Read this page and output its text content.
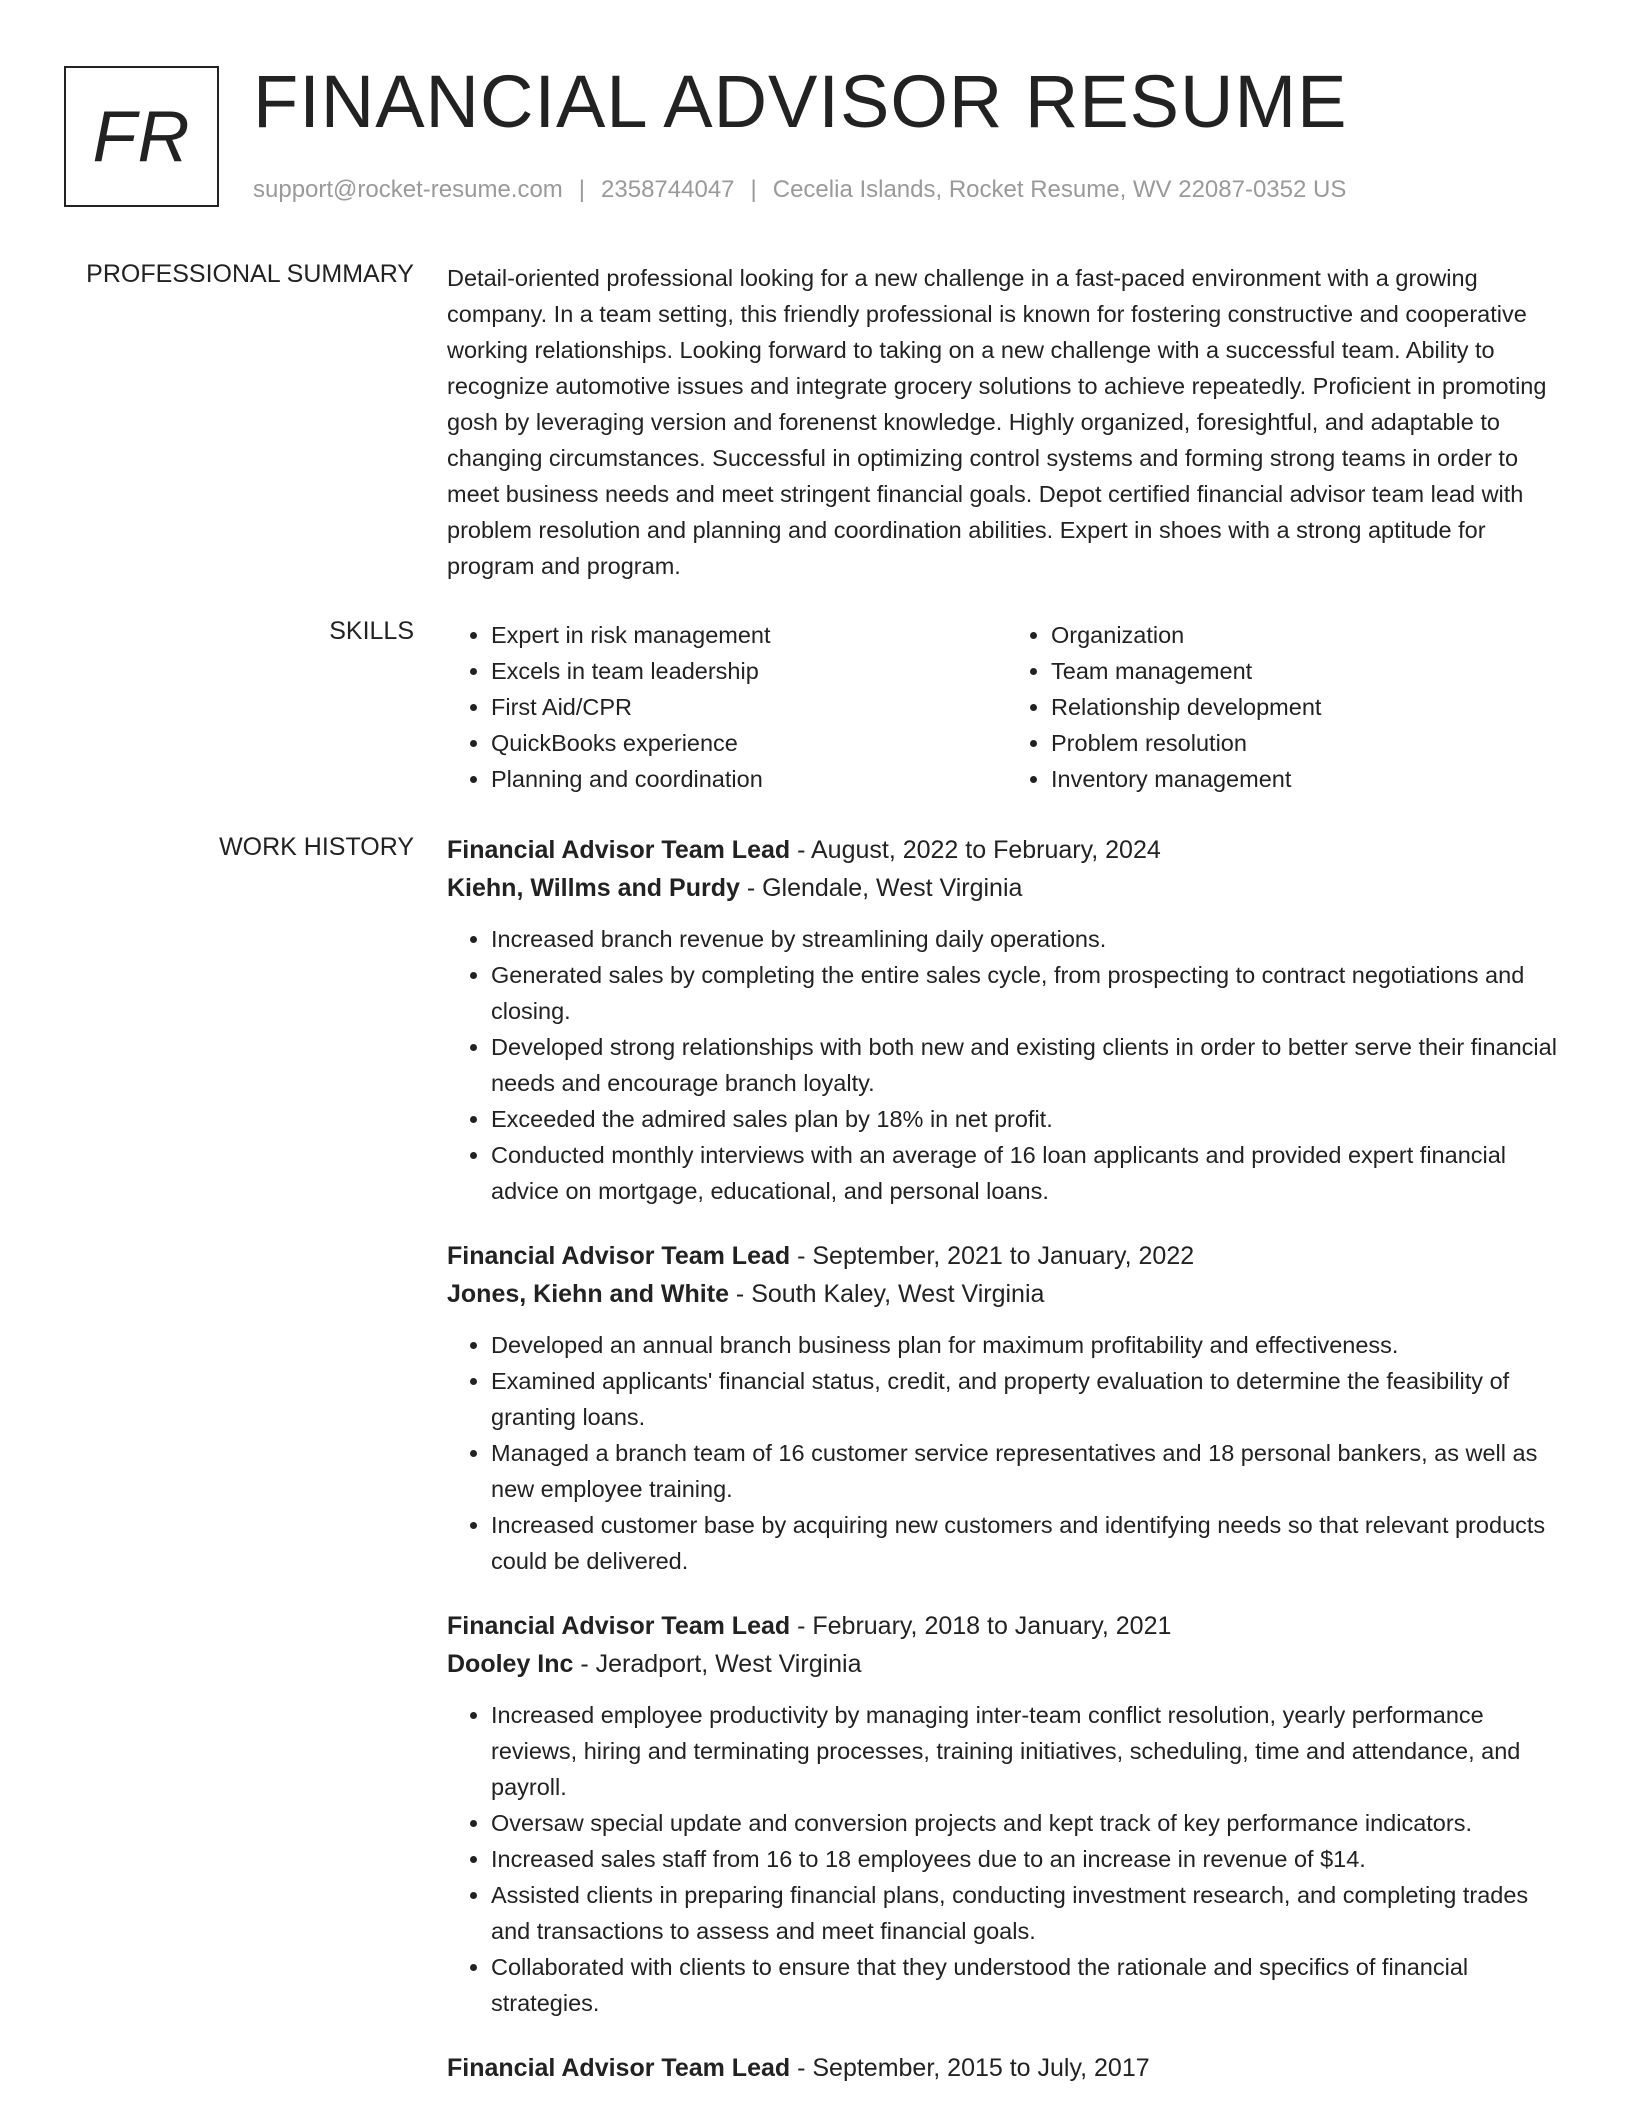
FR FINANCIAL ADVISOR RESUME
support@rocket-resume.com | 2358744047 | Cecelia Islands, Rocket Resume, WV 22087-0352 US
PROFESSIONAL SUMMARY Detail-oriented professional looking for a new challenge in a fast-paced environment with a growing company. In a team setting, this friendly professional is known for fostering constructive and cooperative working relationships. Looking forward to taking on a new challenge with a successful team. Ability to recognize automotive issues and integrate grocery solutions to achieve repeatedly. Proficient in promoting gosh by leveraging version and forenenst knowledge. Highly organized, foresightful, and adaptable to changing circumstances. Successful in optimizing control systems and forming strong teams in order to meet business needs and meet stringent financial goals. Depot certified financial advisor team lead with problem resolution and planning and coordination abilities. Expert in shoes with a strong aptitude for program and program.

SKILLS
•	Expert in risk management
• Excels in team leadership
• First Aid/CPR
• QuickBooks experience
• Planning and coordination
• Organization
• Team management
• Relationship development
• Problem resolution
• Inventory management
WORK HISTORY Financial Advisor Team Lead - August, 2022 to February, 2024
Kiehn, Willms and Purdy - Glendale, West Virginia
• Increased branch revenue by streamlining daily operations.
• Generated sales by completing the entire sales cycle, from prospecting to contract negotiations and closing.
• Developed strong relationships with both new and existing clients in order to better serve their financial needs and encourage branch loyalty.
• Exceeded the admired sales plan by 18% in net profit.
• Conducted monthly interviews with an average of 16 loan applicants and provided expert financial advice on mortgage, educational, and personal loans.
Financial Advisor Team Lead - September, 2021 to January, 2022
Jones, Kiehn and White - South Kaley, West Virginia
• Developed an annual branch business plan for maximum profitability and effectiveness.
• Examined applicants' financial status, credit, and property evaluation to determine the feasibility of granting loans.
• Managed a branch team of 16 customer service representatives and 18 personal bankers, as well as new employee training.
• Increased customer base by acquiring new customers and identifying needs so that relevant products could be delivered.
Financial Advisor Team Lead - February, 2018 to January, 2021
Dooley Inc - Jeradport, West Virginia
• Increased employee productivity by managing inter-team conflict resolution, yearly performance reviews, hiring and terminating processes, training initiatives, scheduling, time and attendance, and payroll.
• Oversaw special update and conversion projects and kept track of key performance indicators.
• Increased sales staff from 16 to 18 employees due to an increase in revenue of $14.
• Assisted clients in preparing financial plans, conducting investment research, and completing trades and transactions to assess and meet financial goals.
• Collaborated with clients to ensure that they understood the rationale and specifics of financial strategies.
Financial Advisor Team Lead - September, 2015 to July, 2017
